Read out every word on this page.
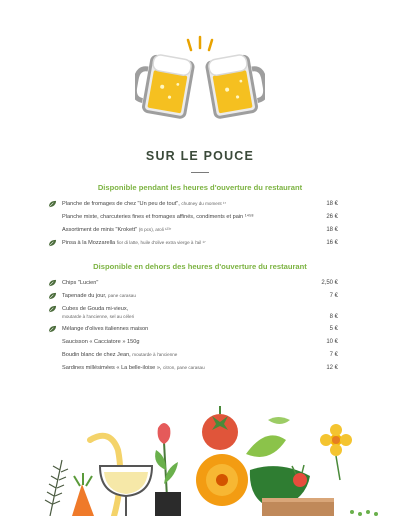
SUR LE POUCE
Disponible pendant les heures d'ouverture du restaurant
Planche de fromages de chez "Un peu de tout", chutney du moment ¹⁷	18 €
Planche mixte, charcuteries fines et fromages affinés, condiments et pain ¹⁴⁵⁸	26 €
Assortiment de minis "Krokett" (6 pcs), aïoli ¹²³⁷	18 €
Pinsa à la Mozzarella fior di latte, huile d'olive extra vierge à l'ail ¹⁷	16 €
Disponible en dehors des heures d'ouverture du restaurant
Chips "Lucien"	2,50 €
Tapenade du jour, pane carasau	7 €
Cubes de Gouda mi-vieux,
moutarde à l'ancienne, sel au céleri	8 €
Mélange d'olives italiennes maison	5 €
Saucisson « Cacciatore » 150g	10 €
Boudin blanc de chez Jean, moutarde à l'ancienne	7 €
Sardines millésimées « La belle-iloise », citron, pane carasau	12 €
